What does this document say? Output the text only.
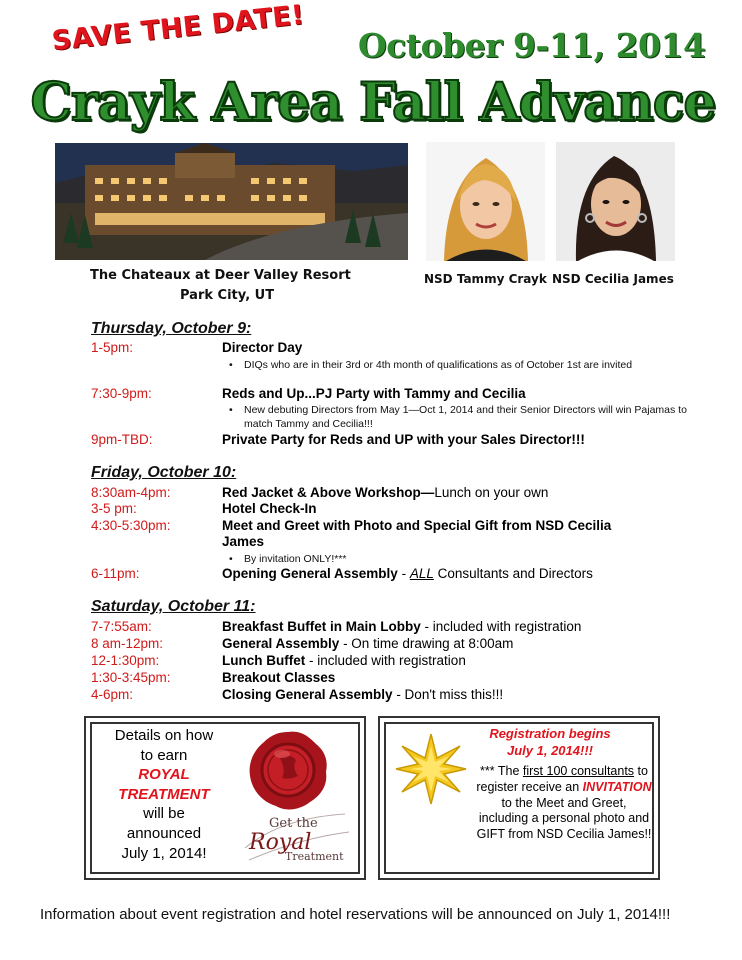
SAVE THE DATE! October 9-11, 2014
Crayk Area Fall Advance
The Chateaux at Deer Valley Resort
Park City, UT
NSD Tammy Crayk NSD Cecilia James
Thursday, October 9:
1-5pm:	Director Day
• DIQs who are in their 3rd or 4th month of qualifications as of October 1st are invited
7:30-9pm:	Reds and Up...PJ Party with Tammy and Cecilia
• New debuting Directors from May 1—Oct 1, 2014 and their Senior Directors will win Pajamas to match Tammy and Cecilia!!!
9pm-TBD:	Private Party for Reds and UP with your Sales Director!!!
Friday, October 10:
8:30am-4pm:	Red Jacket & Above Workshop—Lunch on your own
3-5 pm:	Hotel Check-In
4:30-5:30pm:	Meet and Greet with Photo and Special Gift from NSD Cecilia James
• By invitation ONLY!***
6-11pm:	Opening General Assembly - ALL Consultants and Directors
Saturday, October 11:
7-7:55am:	Breakfast Buffet in Main Lobby - included with registration
8 am-12pm:	General Assembly - On time drawing at 8:00am
12-1:30pm:	Lunch Buffet - included with registration
1:30-3:45pm:	Breakout Classes
4-6pm:	Closing General Assembly - Don't miss this!!!
Details on how
to earn
ROYAL
TREATMENT
will be
announced
July 1, 2014!
Get the
Royal
Treatment
Registration begins
July 1, 2014!!!
*** The first 100 consultants to register receive an INVITATION to the Meet and Greet, including a personal photo and GIFT from NSD Cecilia James!!
Information about event registration and hotel reservations will be announced on July 1, 2014!!!
